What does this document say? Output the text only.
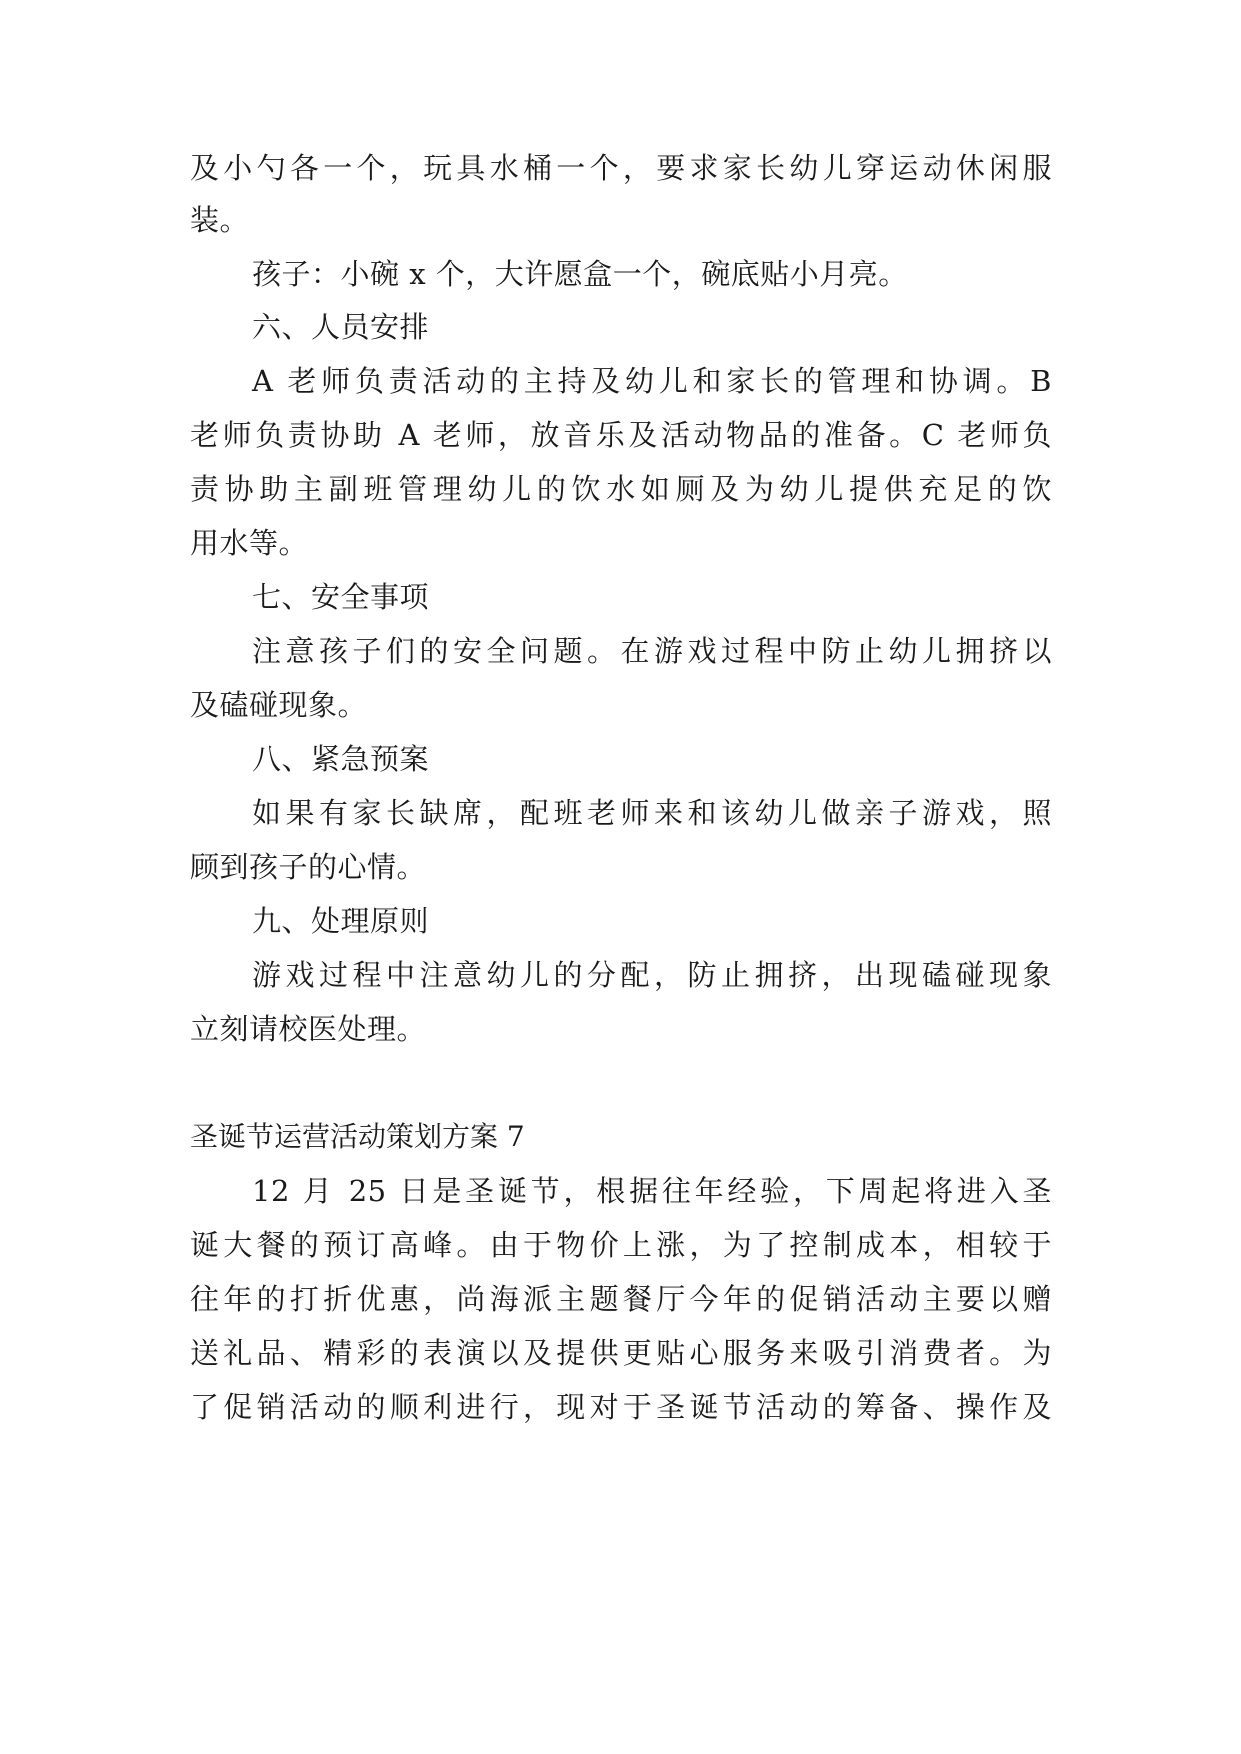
及小勺各一个，玩具水桶一个，要求家长幼儿穿运动休闲服
装。
孩子：小碗 x 个，大许愿盒一个，碗底贴小月亮。
六、人员安排
A 老师负责活动的主持及幼儿和家长的管理和协调。B
老师负责协助 A 老师，放音乐及活动物品的准备。C 老师负
责协助主副班管理幼儿的饮水如厕及为幼儿提供充足的饮
用水等。
七、安全事项
注意孩子们的安全问题。在游戏过程中防止幼儿拥挤以
及磕碰现象。
八、紧急预案
如果有家长缺席，配班老师来和该幼儿做亲子游戏，照
顾到孩子的心情。
九、处理原则
游戏过程中注意幼儿的分配，防止拥挤，出现磕碰现象
立刻请校医处理。
圣诞节运营活动策划方案 7
12 月 25 日是圣诞节，根据往年经验，下周起将进入圣
诞大餐的预订高峰。由于物价上涨，为了控制成本，相较于
往年的打折优惠，尚海派主题餐厅今年的促销活动主要以赠
送礼品、精彩的表演以及提供更贴心服务来吸引消费者。为
了促销活动的顺利进行，现对于圣诞节活动的筹备、操作及
